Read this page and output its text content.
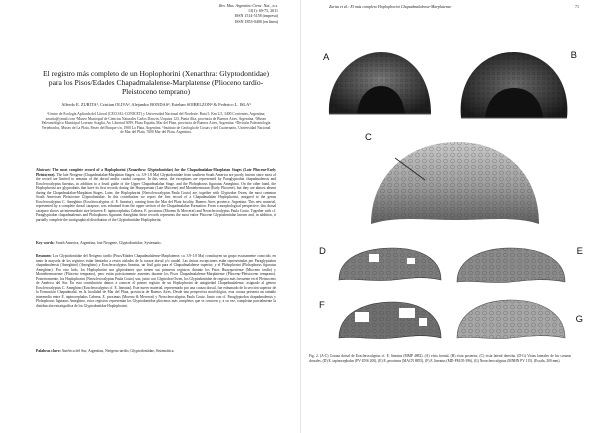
Rev. Mus. Argentino Cienc. Nat., n.s.
13(1): 69-75, 2011
ISSN 1514-5158 (impresa)
ISSN 1853-0400 (en línea)
El registro más completo de un Hoplophorini (Xenarthra: Glyptodontidae) para los Pisos/Edades Chapadmalalense-Marplatense (Plioceno tardío-Pleistoceno temprano)
Alfredo E. ZURITA¹, Cristian OLIVA², Alejandro BONDAS³, Esteban SOIBELZON⁴ & Federico L. ISLA⁵
¹Centro de Ecología Aplicada del Litoral (CECOAL-CONICET) y Universidad Nacional del Nordeste. Ruta 5, Km 2,5, 3400 Corrientes, Argentina; azurita@ymail.com ²Museo Municipal de Ciencias Naturales Carlos Darwin, Urquiza 123, Punta Alta, provincia de Buenos Aires, Argentina. ³Museo Paleontológico Municipal Lorenzo Scaglia, Av. Libertad 3099, Plaza España, Mar del Plata, provincia de Buenos Aires, Argentina. ⁴División Paleontología Vertebrados, Museo de La Plata, Paseo del Bosque s/n, 1900 La Plata, Argentina. ⁵Instituto de Geología de Costas y del Cuaternario, Universidad Nacional de Mar del Plata, 7600 Mar del Plata, Argentina.
Abstract: The most complete record of a Hoplophorini (Xenarthra: Glyptodontidae) for the Chapadmalalan-Marplatan Stages (Late Pliocene-Early Pleistocene). The late Neogene (Chapadmalalan-Marplatan Stages; ca. 3.9-1.8 Ma) Glyptodontidae from southern South America are poorly known since most of the record are limited to remains of the dorsal and/or caudal carapace. In this sense, the exceptions are represented by Paraglyptodon chapadmalensis and Eosclerocalyptus lineatus, in addition to a fossil guide of the Upper Chapadmalalan Stage, and the Plohophorus figuratus Ameghino. On the other hand, the Hoplophorini are glyptodonts that have its first records during the Huayquerian (Late Miocene) and Montehermosan (Early Pliocene), but they are almost absent during the Chapadmalalan-Marplatan Stages. Later, the Hoplophorini (Neosclerocalyptus Paula Couto) are, together with Glyptodon Owen, the most common South American Pleistocene Glyptodontidae. In this contribution we report the first record of a Chapadmalalan Hoplophorini, assigned to the genus Eosclerocalyptus C. Ameghino (Eosclerocalyptus cf. E. lineatus), coming from the Mar del Plata locality, Buenos Aires province, Argentina. This new material, represented by a complete dorsal carapace, was exhumed from the upper section of the Chapadmalalan Formation. From a morphological perspective, this dorsal carapace shows an intermediate size between E. tapinocephalus Cabrera, E. proximus (Moreno & Mercerat) and Neosclerocalyptus Paula Couto. Together with cf. Paraglyptodon chapadmalensis and Plohophorus figuratus Ameghino these records represents the most entire Pliocene Glyptodontidae known and, in addition, it partially complete the stratigraphical distribution of the Glyptodontidae Hoplophorini.
Key words: South America, Argentina, late Neogene, Glyptodontidae, Systematic.
Resumen: Los Glyptodontidae del Neógeno tardío (Pisos/Edades Chapadmalalense-Marplatense; ca. 3.9-1.8 Ma) constituyen un grupo escasamente conocido, en tanto la mayoría de los registros están limitados a restos aislados de la coraza dorsal y/o caudal. Las únicas excepciones están representadas por Paraglyptodon chapadmalensis (Ameghino) (Ameghino) y Eosclerocalyptus lineatus, un fósil guía para el Chapadmalalense superior, y el Plohophorini (Plohophorus figuratus Ameghino). Por otro lado, los Hoplophorini son gliptodontes que tienen sus primeros registros durante los Pisos Huayqueriense (Mioceno tardío) y Montehermosense (Plioceno temprano), pero están prácticamente ausentes durante los Pisos Chapadmalalense-Marplatense (Plioceno-Pleistoceno temprano). Posteriormente, los Hoplophorini (Neosclerocalyptus Paula Couto) son, junto con Glyptodon Owen, los Glyptodontidae de registro más frecuente en el Pleistoceno de América del Sur. En esta contribución damos a conocer el primer registro de un Hoplophorini de antigüedad Chapadmalalense, asignado al género Eosclerocalyptus C. Ameghino (Eosclerocalyptus cf. E. lineatus). Este nuevo material, representado por una coraza dorsal, fue exhumado de la sección superior de la Formación Chapadmalal, en la localidad de Mar del Plata, provincia de Buenos Aires. Desde una perspectiva morfológica, esta coraza presenta un tamaño intermedio entre E. tapinocephalus Cabrera, E. proximus (Moreno & Mercerat) y Neosclerocalyptus Paula Couto. Junto con cf. Paraglyptodon chapadmalensis y Plohophorus figuratus Ameghino, estos registros representan los Glyptodontidae pliocenos más completos que se conocen y, a su vez, completan parcialmente la distribución estratigráfica de los Glyptodontidae Hoplophorini.
Palabras clave: América del Sur, Argentina, Neógeno tardío, Glyptodontidae, Sistemática.
Zurita et al.: El más completo Hoplophorini Chapadmalalense-Marplatense	71
A	B
C
D	E
F
G
Fig. 2. (A-C) Coraza dorsal de Eosclerocalyptus cf. E. lineatus (MMP 4882). (A) vista frontal, (B) vista posterior, (C) vista lateral derecha. (D-G) Vistas laterales de las corazas dorsales. (D) E. tapinocephalus (PV-UNS 200), (E) E. proximus (MACN 8855), (F) E. lineatus (MD-PM 05-396), (G) Neosclerocalyptus (MNHN PV 115). (Escala, 200 mm).
